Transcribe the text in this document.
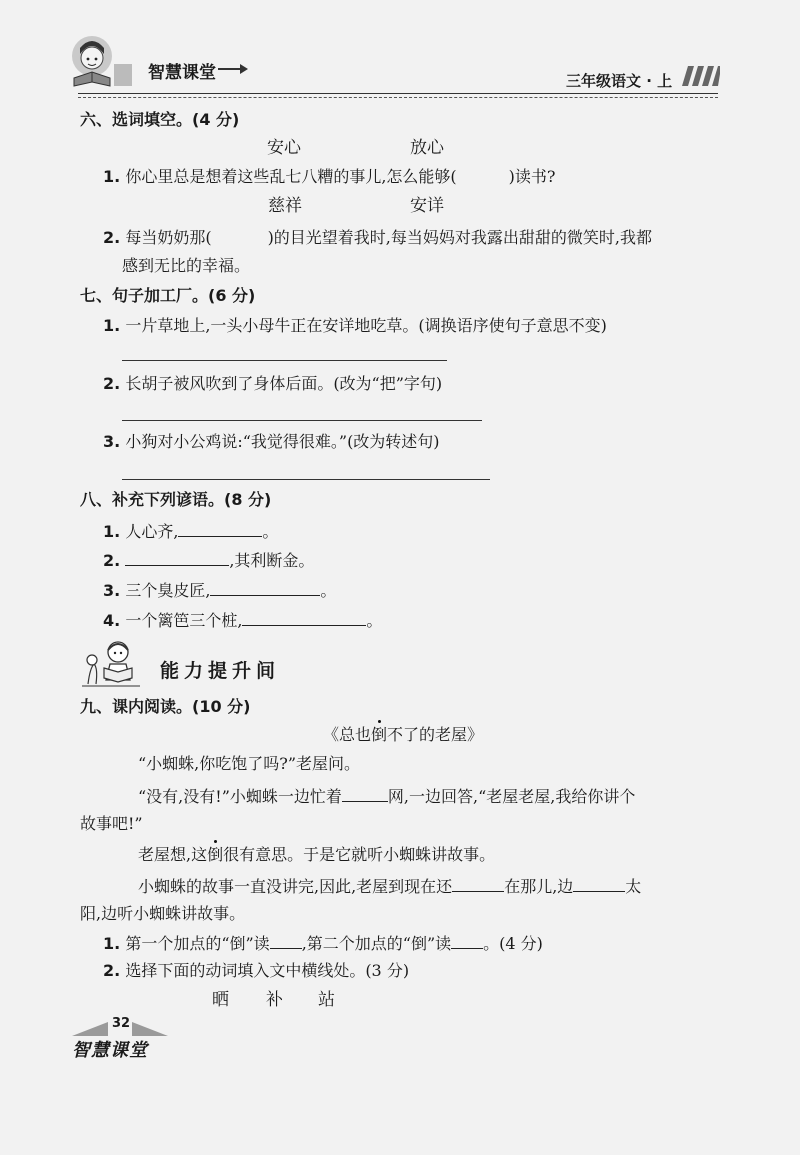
智慧课堂	三年级语文 · 上
六、选词填空。(4 分)
安心	放心
1. 你心里总是想着这些乱七八糟的事儿,怎么能够(	)读书?
慈祥	安详
2. 每当奶奶那(	)的目光望着我时,每当妈妈对我露出甜甜的微笑时,我都
感到无比的幸福。
七、句子加工厂。(6 分)
1. 一片草地上,一头小母牛正在安详地吃草。(调换语序使句子意思不变)
2. 长胡子被风吹到了身体后面。(改为“把”字句)
3. 小狗对小公鸡说:“我觉得很难。”(改为转述句)
八、补充下列谚语。(8 分)
1. 人心齐,	。
2.	,其利断金。
3. 三个臭皮匠,	。
4. 一个篱笆三个桩,	。
能力提升间
九、课内阅读。(10 分)
《总也倒不了的老屋》
“小蜘蛛,你吃饱了吗?”老屋问。
“没有,没有!”小蜘蛛一边忙着	网,一边回答,“老屋老屋,我给你讲个
故事吧!”
老屋想,这倒很有意思。于是它就听小蜘蛛讲故事。
小蜘蛛的故事一直没讲完,因此,老屋到现在还	在那儿,边	太
阳,边听小蜘蛛讲故事。
1. 第一个加点的“倒”读 ,第二个加点的“倒”读 。(4 分)
2. 选择下面的动词填入文中横线处。(3 分)
晒 补 站
32
智慧课堂
